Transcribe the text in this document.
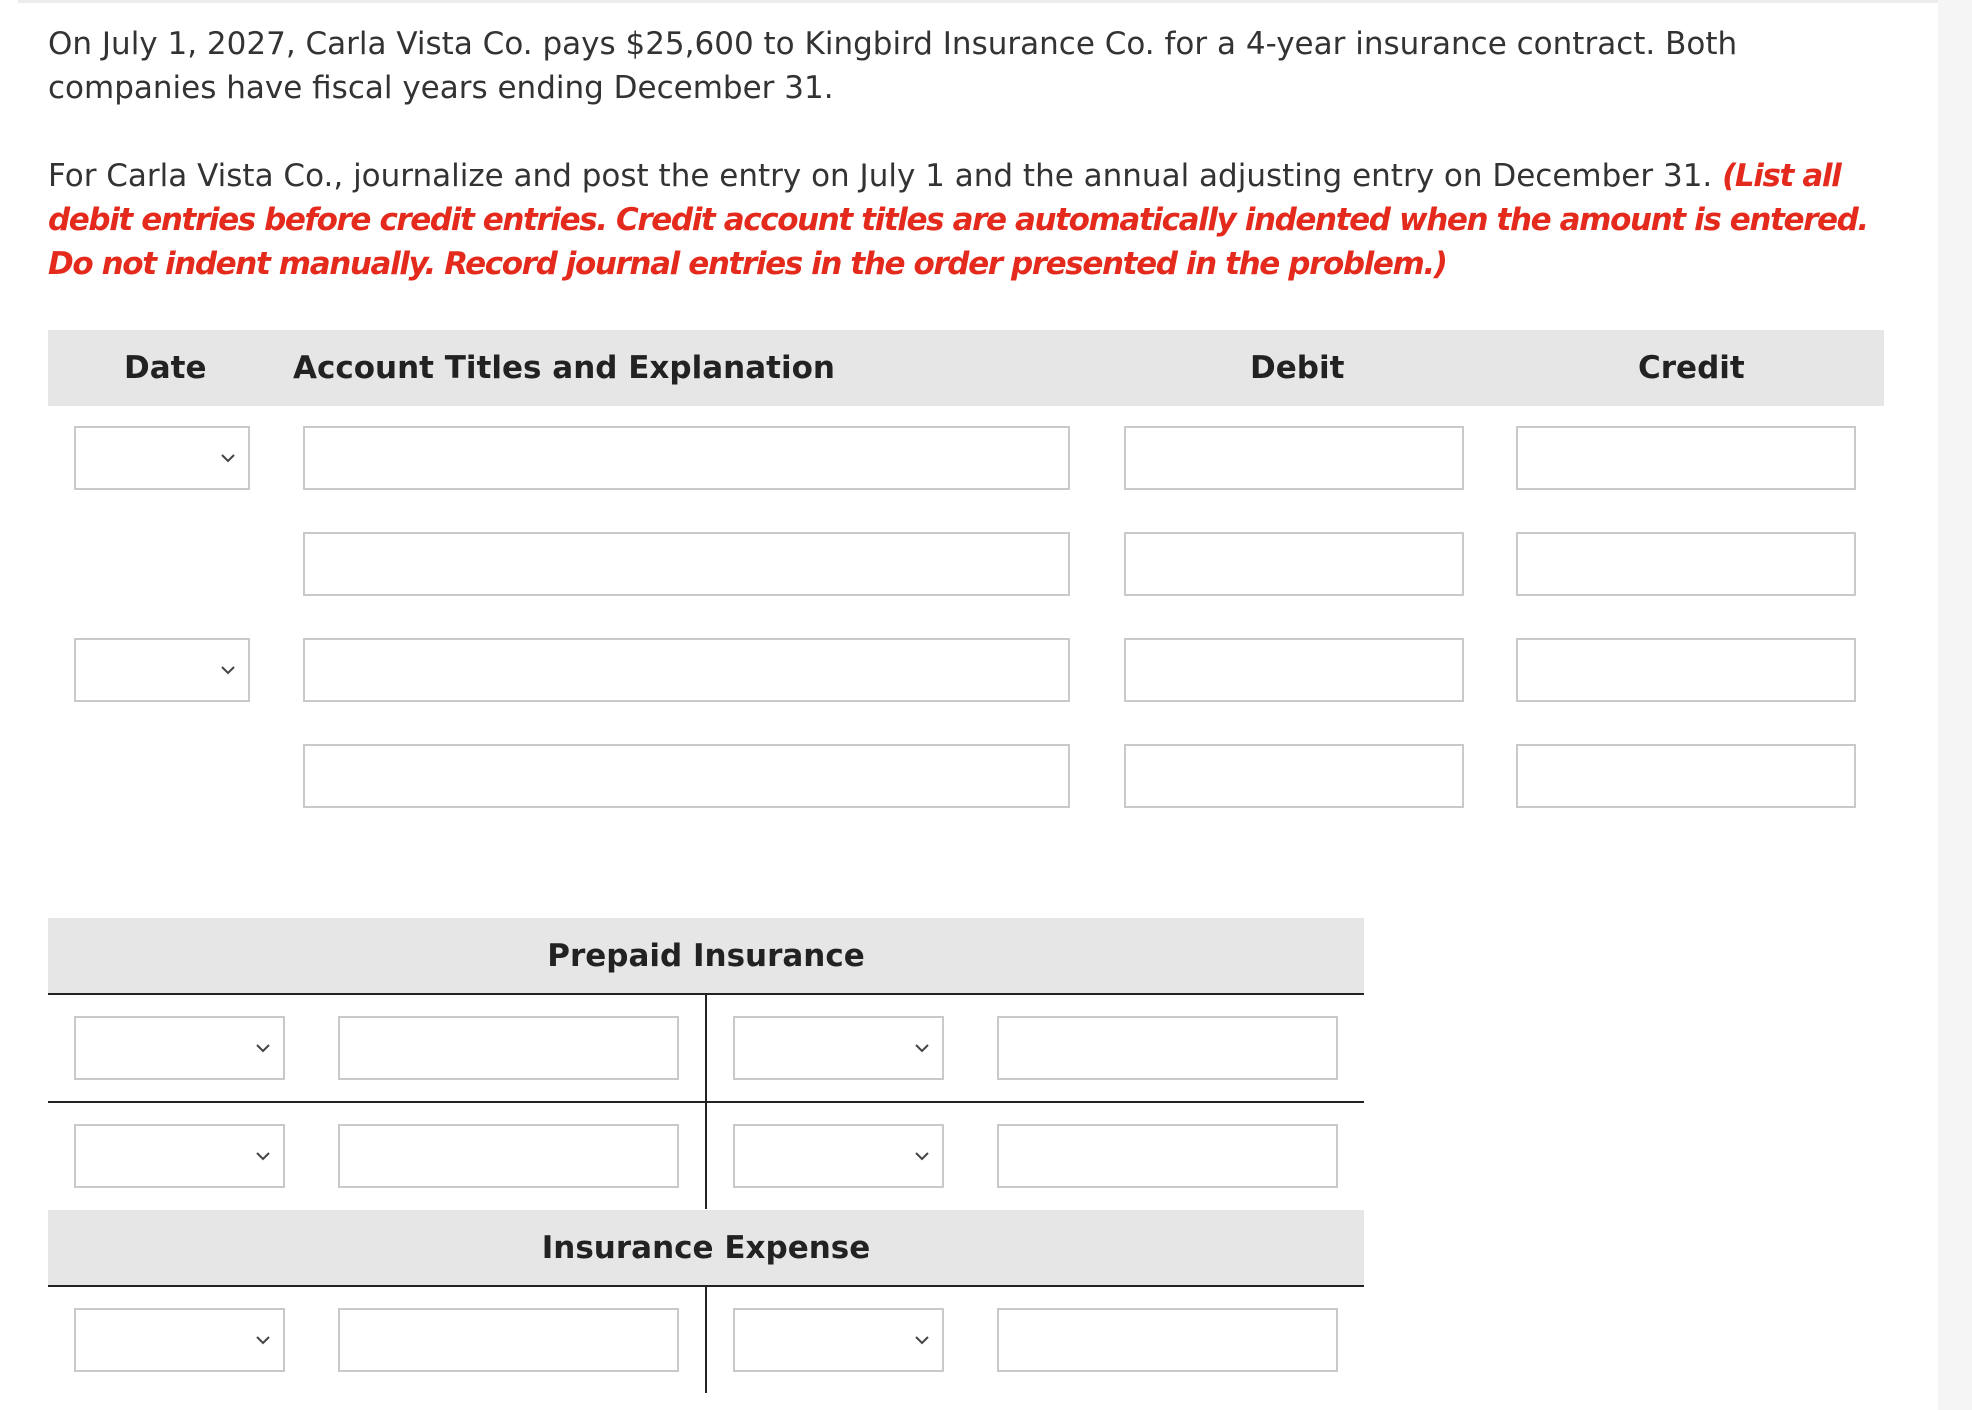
On July 1, 2027, Carla Vista Co. pays $25,600 to Kingbird Insurance Co. for a 4-year insurance contract. Both companies have fiscal years ending December 31.
For Carla Vista Co., journalize and post the entry on July 1 and the annual adjusting entry on December 31. (List all debit entries before credit entries. Credit account titles are automatically indented when the amount is entered. Do not indent manually. Record journal entries in the order presented in the problem.)
Date	Account Titles and Explanation	Debit	Credit
Prepaid Insurance
Insurance Expense
